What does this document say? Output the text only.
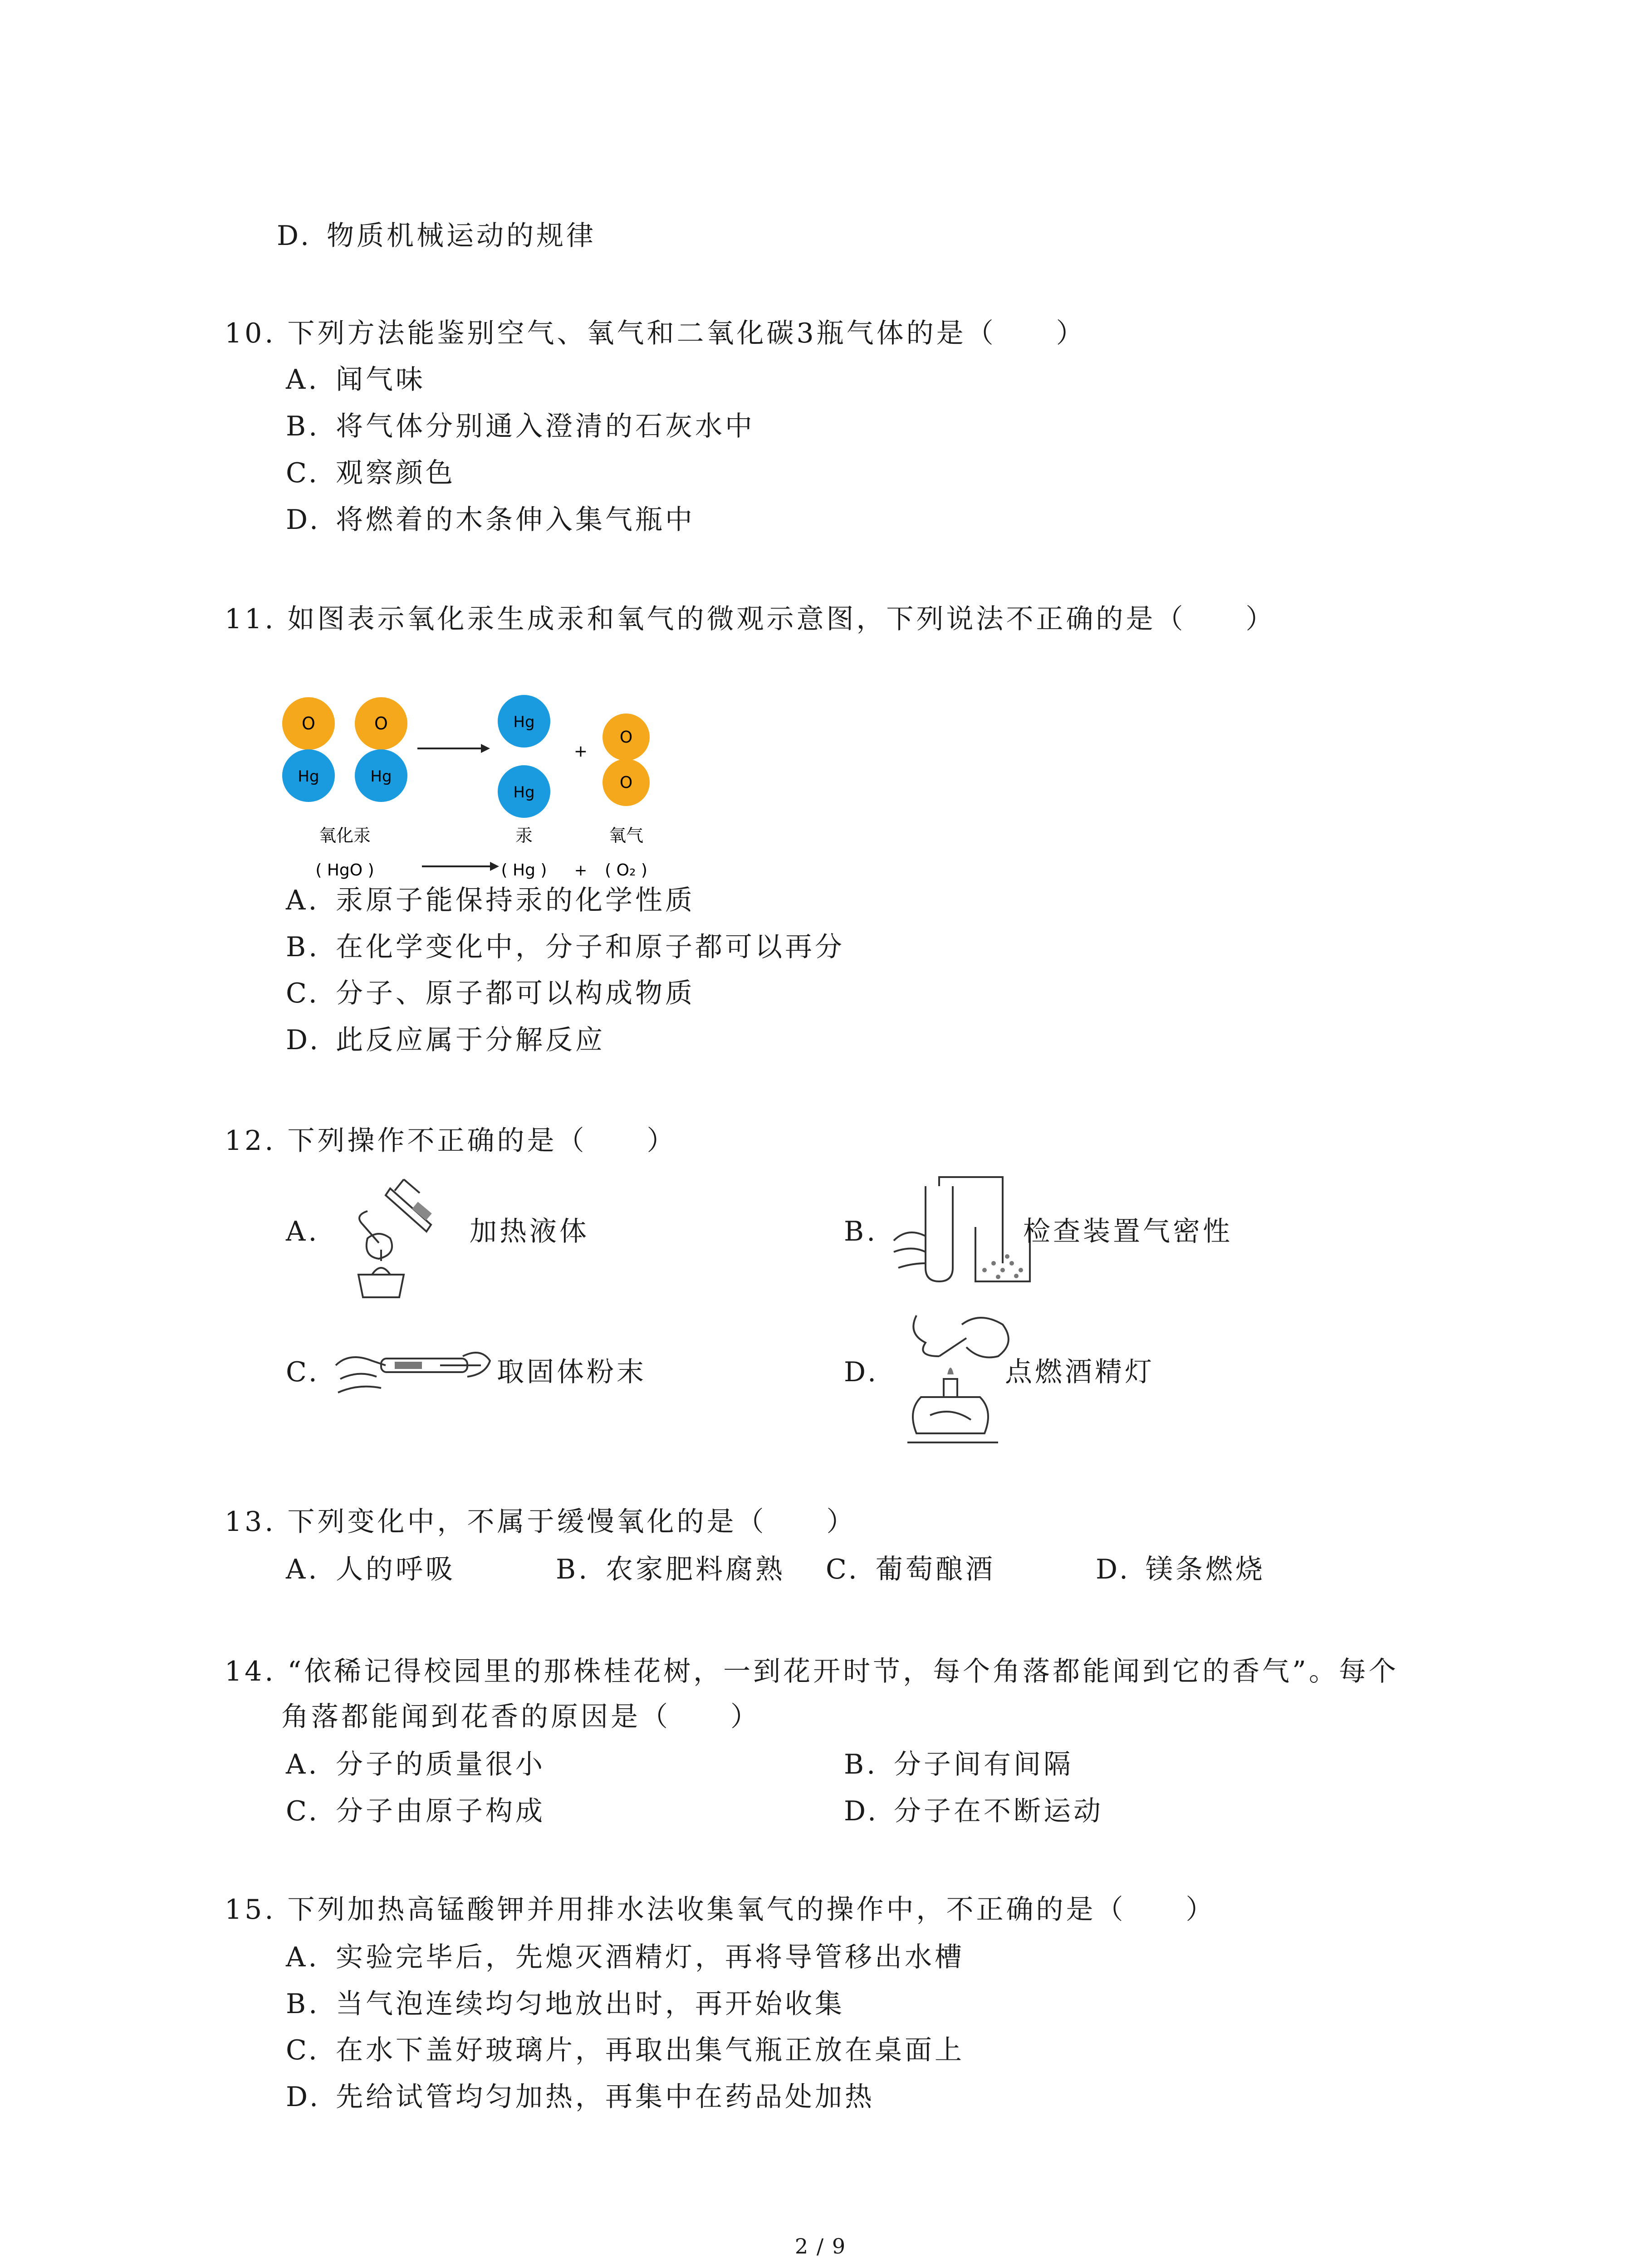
D. 物质机械运动的规律
10. 下列方法能鉴别空气、氧气和二氧化碳3瓶气体的是（　　）
A. 闻气味
B. 将气体分别通入澄清的石灰水中
C. 观察颜色
D. 将燃着的木条伸入集气瓶中
11. 如图表示氧化汞生成汞和氧气的微观示意图，下列说法不正确的是（　　）
O
Hg
O
Hg
Hg
Hg
+
O
O
氧化汞	汞	氧气
( HgO )	( Hg ) + ( O₂ )
A. 汞原子能保持汞的化学性质
B. 在化学变化中，分子和原子都可以再分
C. 分子、原子都可以构成物质
D. 此反应属于分解反应
12. 下列操作不正确的是（　　）
A.	加热液体	B.	检查装置气密性
C.	取固体粉末	D.	点燃酒精灯
13. 下列变化中，不属于缓慢氧化的是（　　）
A. 人的呼吸	B. 农家肥料腐熟 C. 葡萄酿酒	D. 镁条燃烧
14. “依稀记得校园里的那株桂花树，一到花开时节，每个角落都能闻到它的香气”。每个
角落都能闻到花香的原因是（　　）
A. 分子的质量很小	B. 分子间有间隔
C. 分子由原子构成	D. 分子在不断运动
15. 下列加热高锰酸钾并用排水法收集氧气的操作中，不正确的是（　　）
A. 实验完毕后，先熄灭酒精灯，再将导管移出水槽
B. 当气泡连续均匀地放出时，再开始收集
C. 在水下盖好玻璃片，再取出集气瓶正放在桌面上
D. 先给试管均匀加热，再集中在药品处加热
2 / 9
